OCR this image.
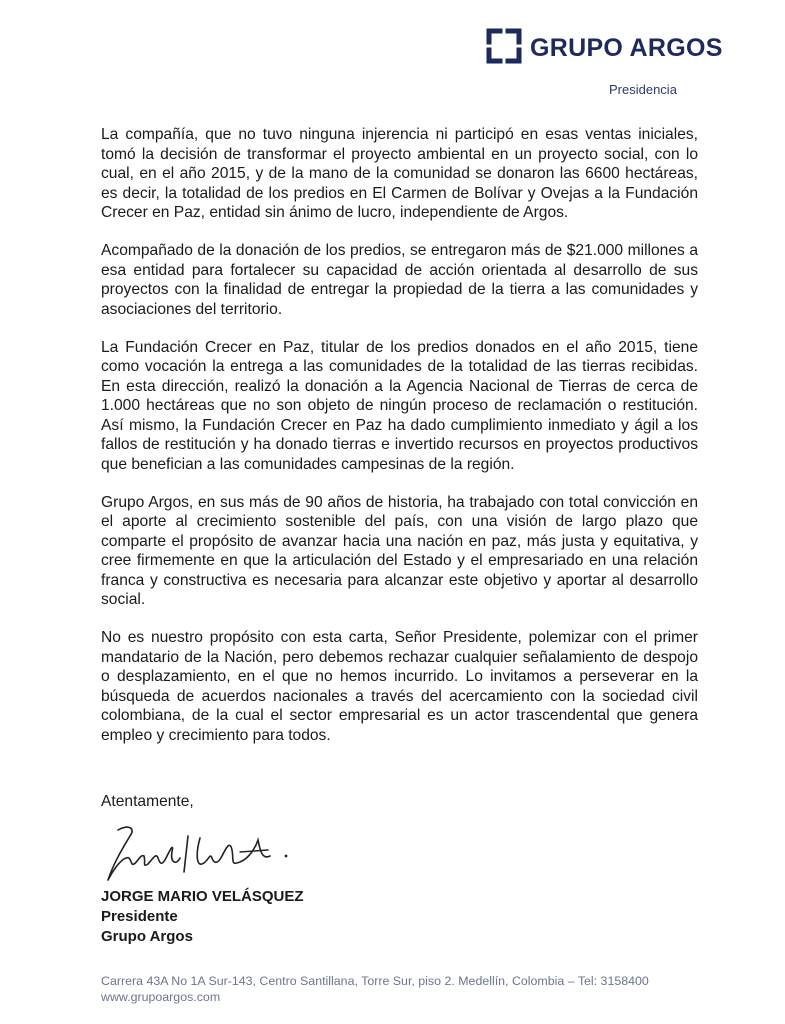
GRUPO ARGOS
Presidencia

La compañía, que no tuvo ninguna injerencia ni participó en esas ventas iniciales, tomó la decisión de transformar el proyecto ambiental en un proyecto social, con lo cual, en el año 2015, y de la mano de la comunidad se donaron las 6600 hectáreas, es decir, la totalidad de los predios en El Carmen de Bolívar y Ovejas a la Fundación Crecer en Paz, entidad sin ánimo de lucro, independiente de Argos.

Acompañado de la donación de los predios, se entregaron más de $21.000 millones a esa entidad para fortalecer su capacidad de acción orientada al desarrollo de sus proyectos con la finalidad de entregar la propiedad de la tierra a las comunidades y asociaciones del territorio.

La Fundación Crecer en Paz, titular de los predios donados en el año 2015, tiene como vocación la entrega a las comunidades de la totalidad de las tierras recibidas. En esta dirección, realizó la donación a la Agencia Nacional de Tierras de cerca de 1.000 hectáreas que no son objeto de ningún proceso de reclamación o restitución. Así mismo, la Fundación Crecer en Paz ha dado cumplimiento inmediato y ágil a los fallos de restitución y ha donado tierras e invertido recursos en proyectos productivos que benefician a las comunidades campesinas de la región.

Grupo Argos, en sus más de 90 años de historia, ha trabajado con total convicción en el aporte al crecimiento sostenible del país, con una visión de largo plazo que comparte el propósito de avanzar hacia una nación en paz, más justa y equitativa, y cree firmemente en que la articulación del Estado y el empresariado en una relación franca y constructiva es necesaria para alcanzar este objetivo y aportar al desarrollo social.

No es nuestro propósito con esta carta, Señor Presidente, polemizar con el primer mandatario de la Nación, pero debemos rechazar cualquier señalamiento de despojo o desplazamiento, en el que no hemos incurrido. Lo invitamos a perseverar en la búsqueda de acuerdos nacionales a través del acercamiento con la sociedad civil colombiana, de la cual el sector empresarial es un actor trascendental que genera empleo y crecimiento para todos.

Atentamente,
JORGE MARIO VELÁSQUEZ
Presidente
Grupo Argos
Carrera 43A No 1A Sur-143, Centro Santillana, Torre Sur, piso 2. Medellín, Colombia – Tel: 3158400
www.grupoargos.com
